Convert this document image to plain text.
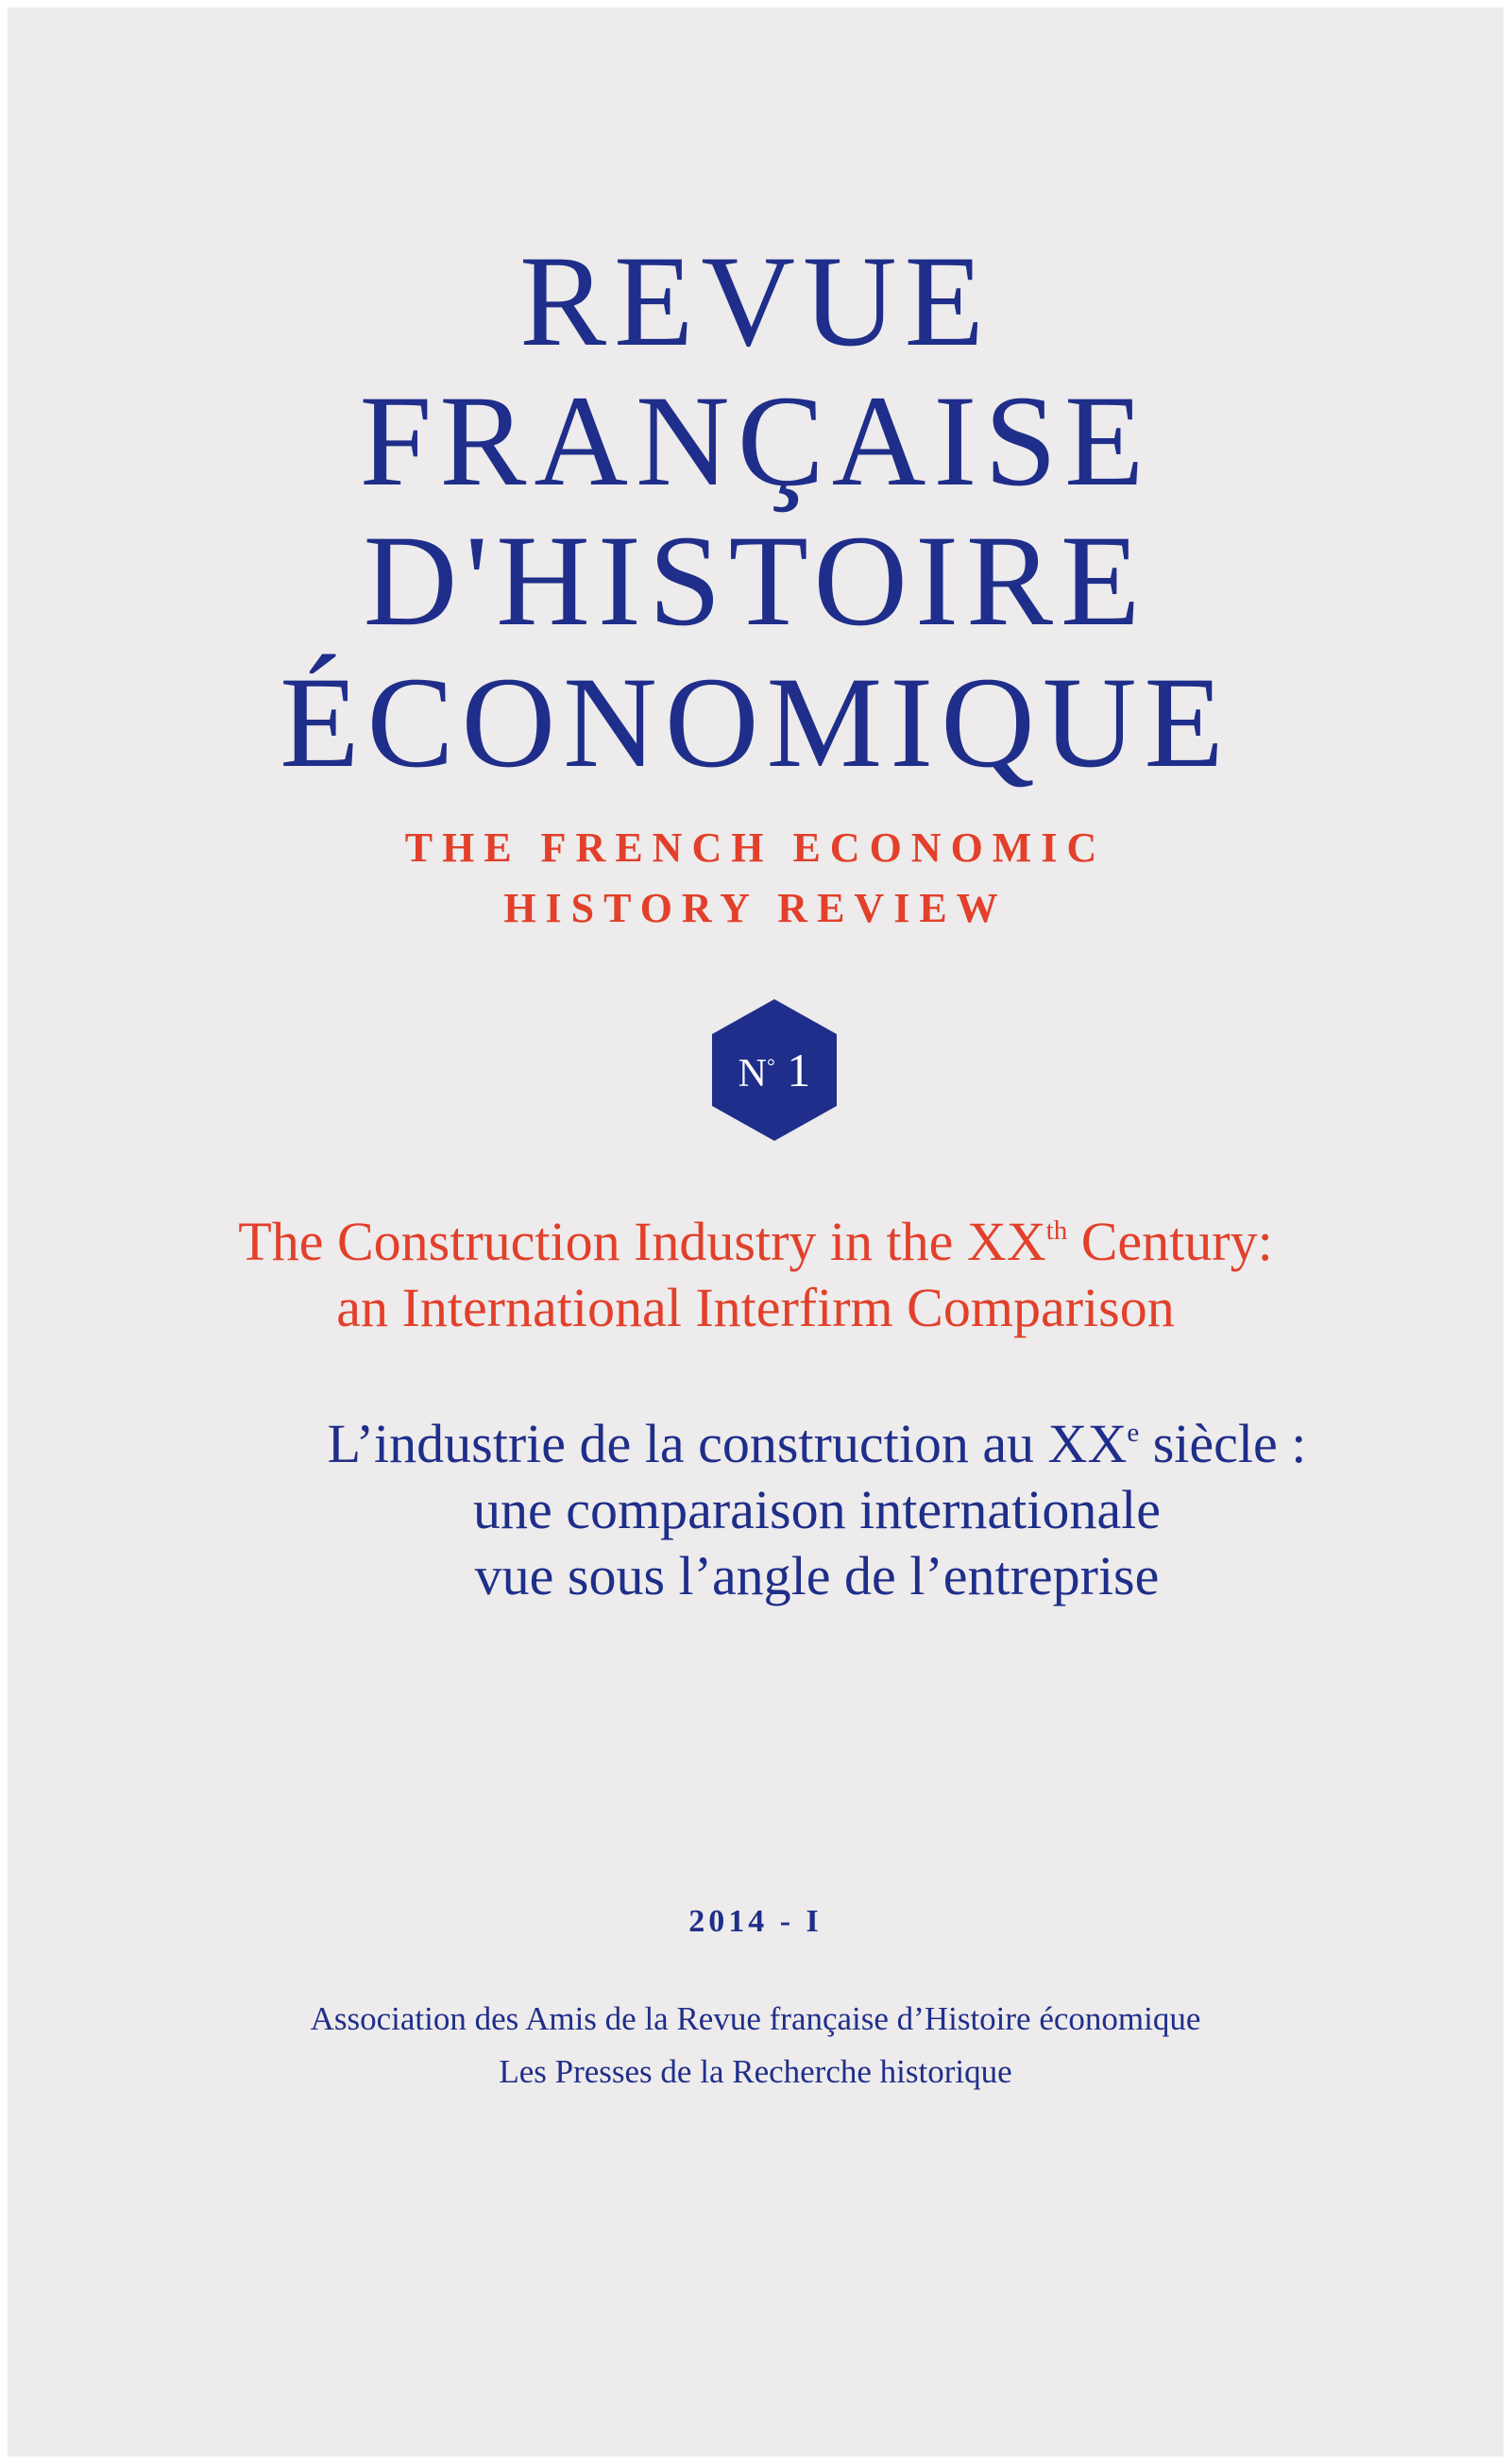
REVUE
FRANÇAISE
D'HISTOIRE
ÉCONOMIQUE
THE FRENCH ECONOMIC
HISTORY REVIEW
N° 1
The Construction Industry in the XXth Century:
an International Interfirm Comparison
L’industrie de la construction au XXe siècle :
une comparaison internationale
vue sous l’angle de l’entreprise
2014 - I
Association des Amis de la Revue française d’Histoire économique
Les Presses de la Recherche historique
